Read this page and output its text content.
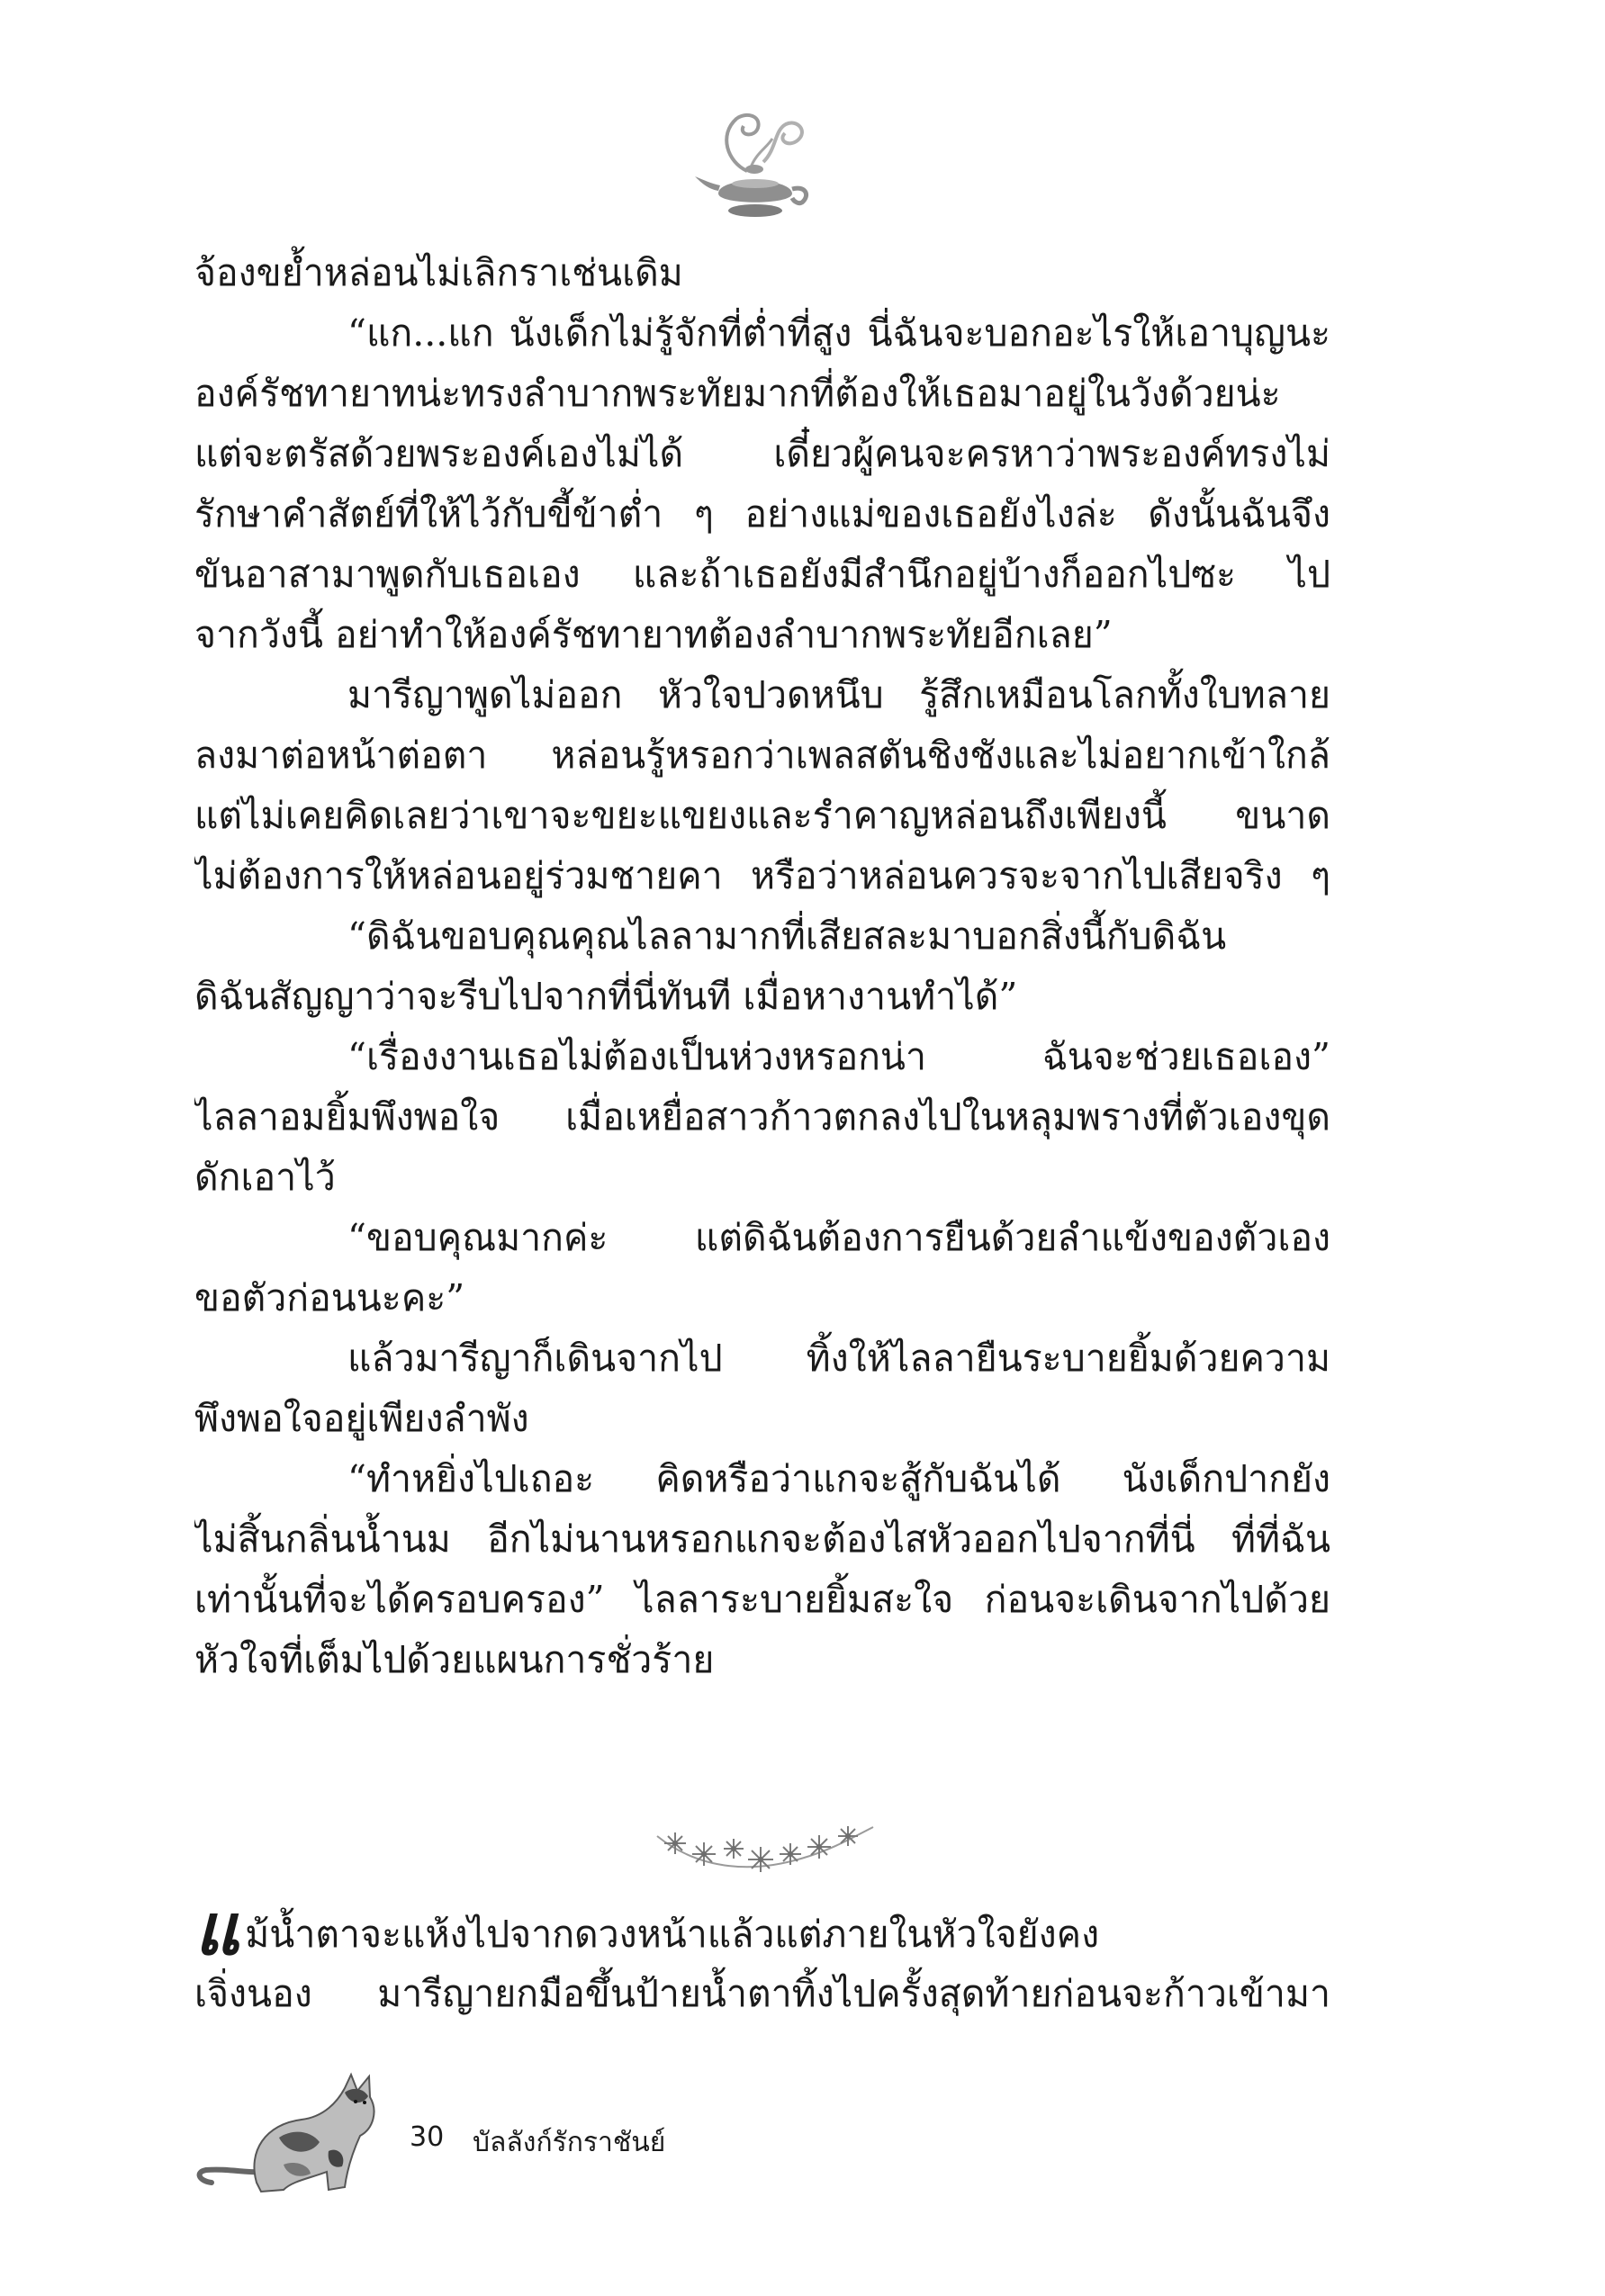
จ้องขย้ำหล่อนไม่เลิกราเช่นเดิม
“แก...แก นังเด็กไม่รู้จักที่ต่ำที่สูง นี่ฉันจะบอกอะไรให้เอาบุญนะ
องค์รัชทายาทน่ะทรงลำบากพระทัยมากที่ต้องให้เธอมาอยู่ในวังด้วยน่ะ
แต่จะตรัสด้วยพระองค์เองไม่ได้ เดี๋ยวผู้คนจะครหาว่าพระองค์ทรงไม่
รักษาคำสัตย์ที่ให้ไว้กับขี้ข้าต่ำ ๆ อย่างแม่ของเธอยังไงล่ะ ดังนั้นฉันจึง
ขันอาสามาพูดกับเธอเอง และถ้าเธอยังมีสำนึกอยู่บ้างก็ออกไปซะ ไป
จากวังนี้ อย่าทำให้องค์รัชทายาทต้องลำบากพระทัยอีกเลย”
มารีญาพูดไม่ออก หัวใจปวดหนึบ รู้สึกเหมือนโลกทั้งใบทลาย
ลงมาต่อหน้าต่อตา หล่อนรู้หรอกว่าเพลสตันชิงชังและไม่อยากเข้าใกล้
แต่ไม่เคยคิดเลยว่าเขาจะขยะแขยงและรำคาญหล่อนถึงเพียงนี้ ขนาด
ไม่ต้องการให้หล่อนอยู่ร่วมชายคา หรือว่าหล่อนควรจะจากไปเสียจริง ๆ
“ดิฉันขอบคุณคุณไลลามากที่เสียสละมาบอกสิ่งนี้กับดิฉัน
ดิฉันสัญญาว่าจะรีบไปจากที่นี่ทันที เมื่อหางานทำได้”
“เรื่องงานเธอไม่ต้องเป็นห่วงหรอกน่า ฉันจะช่วยเธอเอง”
ไลลาอมยิ้มพึงพอใจ เมื่อเหยื่อสาวก้าวตกลงไปในหลุมพรางที่ตัวเองขุด
ดักเอาไว้
“ขอบคุณมากค่ะ แต่ดิฉันต้องการยืนด้วยลำแข้งของตัวเอง
ขอตัวก่อนนะคะ”
แล้วมารีญาก็เดินจากไป ทิ้งให้ไลลายืนระบายยิ้มด้วยความ
พึงพอใจอยู่เพียงลำพัง
“ทำหยิ่งไปเถอะ คิดหรือว่าแกจะสู้กับฉันได้ นังเด็กปากยัง
ไม่สิ้นกลิ่นน้ำนม อีกไม่นานหรอกแกจะต้องไสหัวออกไปจากที่นี่ ที่ที่ฉัน
เท่านั้นที่จะได้ครอบครอง” ไลลาระบายยิ้มสะใจ ก่อนจะเดินจากไปด้วย
หัวใจที่เต็มไปด้วยแผนการชั่วร้าย
แม้น้ำตาจะแห้งไปจากดวงหน้าแล้วแต่ภายในหัวใจยังคง
เจิ่งนอง มารีญายกมือขึ้นป้ายน้ำตาทิ้งไปครั้งสุดท้ายก่อนจะก้าวเข้ามา
30 บัลลังก์รักราชันย์
